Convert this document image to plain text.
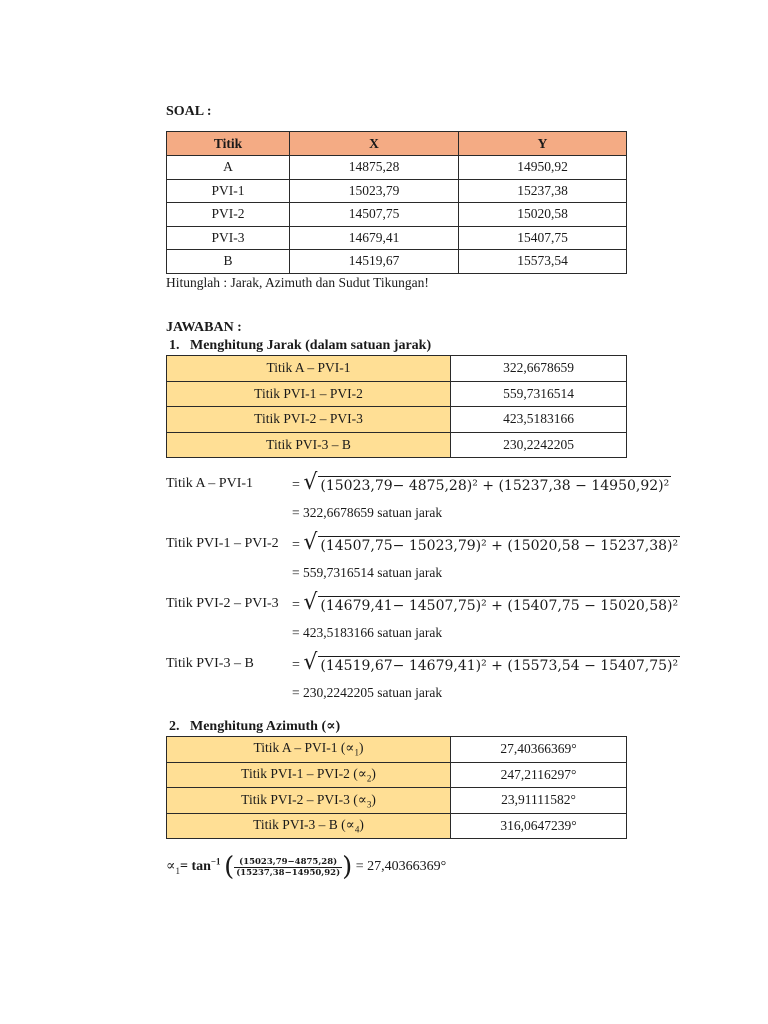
SOAL :
Titik	X	Y
A	14875,28	14950,92
PVI-1	15023,79	15237,38
PVI-2	14507,75	15020,58
PVI-3	14679,41	15407,75
B	14519,67	15573,54
Hitunglah : Jarak, Azimuth dan Sudut Tikungan!
JAWABAN :
1.   Menghitung Jarak (dalam satuan jarak)
Titik A – PVI-1	322,6678659
Titik PVI-1 – PVI-2	559,7316514
Titik PVI-2 – PVI-3	423,5183166
Titik PVI-3 – B	230,2242205
Titik A – PVI-1	= √ (15023,79− 4875,28)² + (15237,38 − 14950,92)²
= 322,6678659 satuan jarak
Titik PVI-1 – PVI-2 = √ (14507,75− 15023,79)² + (15020,58 − 15237,38)²
= 559,7316514 satuan jarak
Titik PVI-2 – PVI-3 = √ (14679,41− 14507,75)² + (15407,75 − 15020,58)²
= 423,5183166 satuan jarak
Titik PVI-3 – B	= √ (14519,67− 14679,41)² + (15573,54 − 15407,75)²
= 230,2242205 satuan jarak
2.   Menghitung Azimuth (∝)
Titik A – PVI-1 $(\propto_1)$	27,40366369°
Titik PVI-1 – PVI-2 $(\propto_2)$	247,2116297°
Titik PVI-2 – PVI-3 $(\propto_3)$	23,91111582°
Titik PVI-3 – B $(\propto_4)$	316,0647239°
$\propto_1= \tan^{-1}$ ( $\frac{(15023,79-4875,28)}{(15237,38-14950,92)}$ ) = 27,40366369°
